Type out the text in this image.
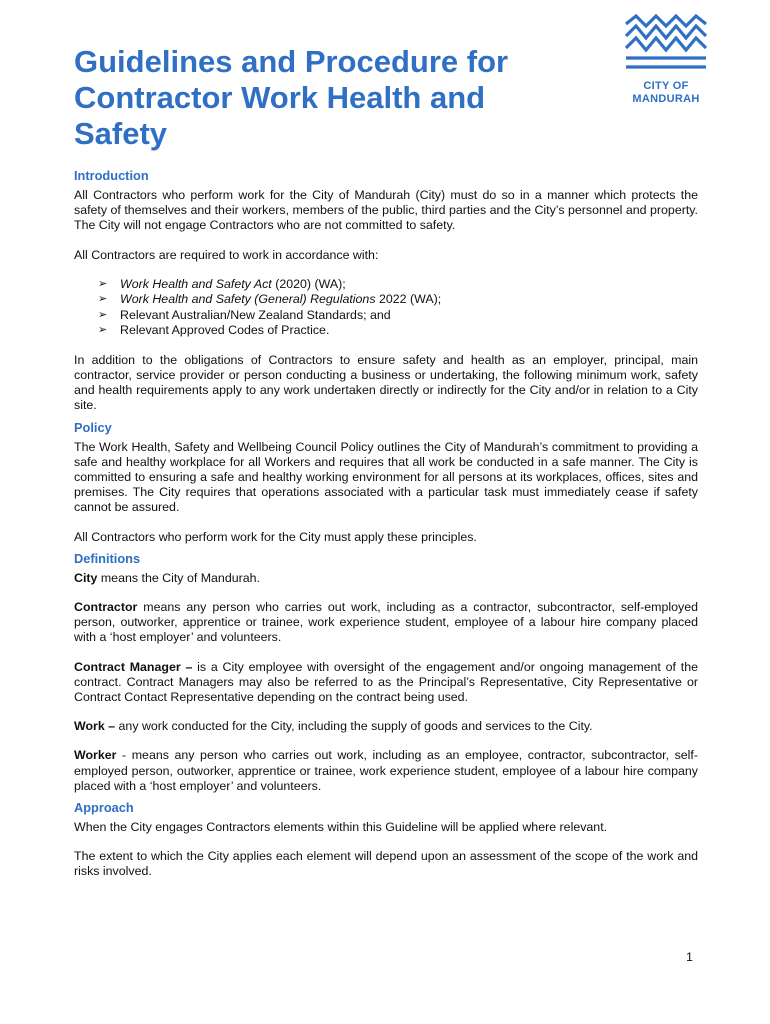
Guidelines and Procedure for
Contractor Work Health and
Safety
CITY OF
MANDURAH
Introduction

All Contractors who perform work for the City of Mandurah (City) must do so in a manner which protects the safety of themselves and their workers, members of the public, third parties and the City’s personnel and property. The City will not engage Contractors who are not committed to safety.

All Contractors are required to work in accordance with:

➢ Work Health and Safety Act (2020) (WA);
➢ Work Health and Safety (General) Regulations 2022 (WA);
➢ Relevant Australian/New Zealand Standards; and
➢ Relevant Approved Codes of Practice.

In addition to the obligations of Contractors to ensure safety and health as an employer, principal, main contractor, service provider or person conducting a business or undertaking, the following minimum work, safety and health requirements apply to any work undertaken directly or indirectly for the City and/or in relation to a City site.

Policy

The Work Health, Safety and Wellbeing Council Policy outlines the City of Mandurah’s commitment to providing a safe and healthy workplace for all Workers and requires that all work be conducted in a safe manner. The City is committed to ensuring a safe and healthy working environment for all persons at its workplaces, offices, sites and premises. The City requires that operations associated with a particular task must immediately cease if safety cannot be assured.

All Contractors who perform work for the City must apply these principles.

Definitions

City means the City of Mandurah.

Contractor means any person who carries out work, including as a contractor, subcontractor, self-employed person, outworker, apprentice or trainee, work experience student, employee of a labour hire company placed with a ‘host employer’ and volunteers.

Contract Manager – is a City employee with oversight of the engagement and/or ongoing management of the contract. Contract Managers may also be referred to as the Principal’s Representative, City Representative or Contract Contact Representative depending on the contract being used.

Work – any work conducted for the City, including the supply of goods and services to the City.

Worker - means any person who carries out work, including as an employee, contractor, subcontractor, self-employed person, outworker, apprentice or trainee, work experience student, employee of a labour hire company placed with a ‘host employer’ and volunteers.

Approach

When the City engages Contractors elements within this Guideline will be applied where relevant.

The extent to which the City applies each element will depend upon an assessment of the scope of the work and risks involved.

1
